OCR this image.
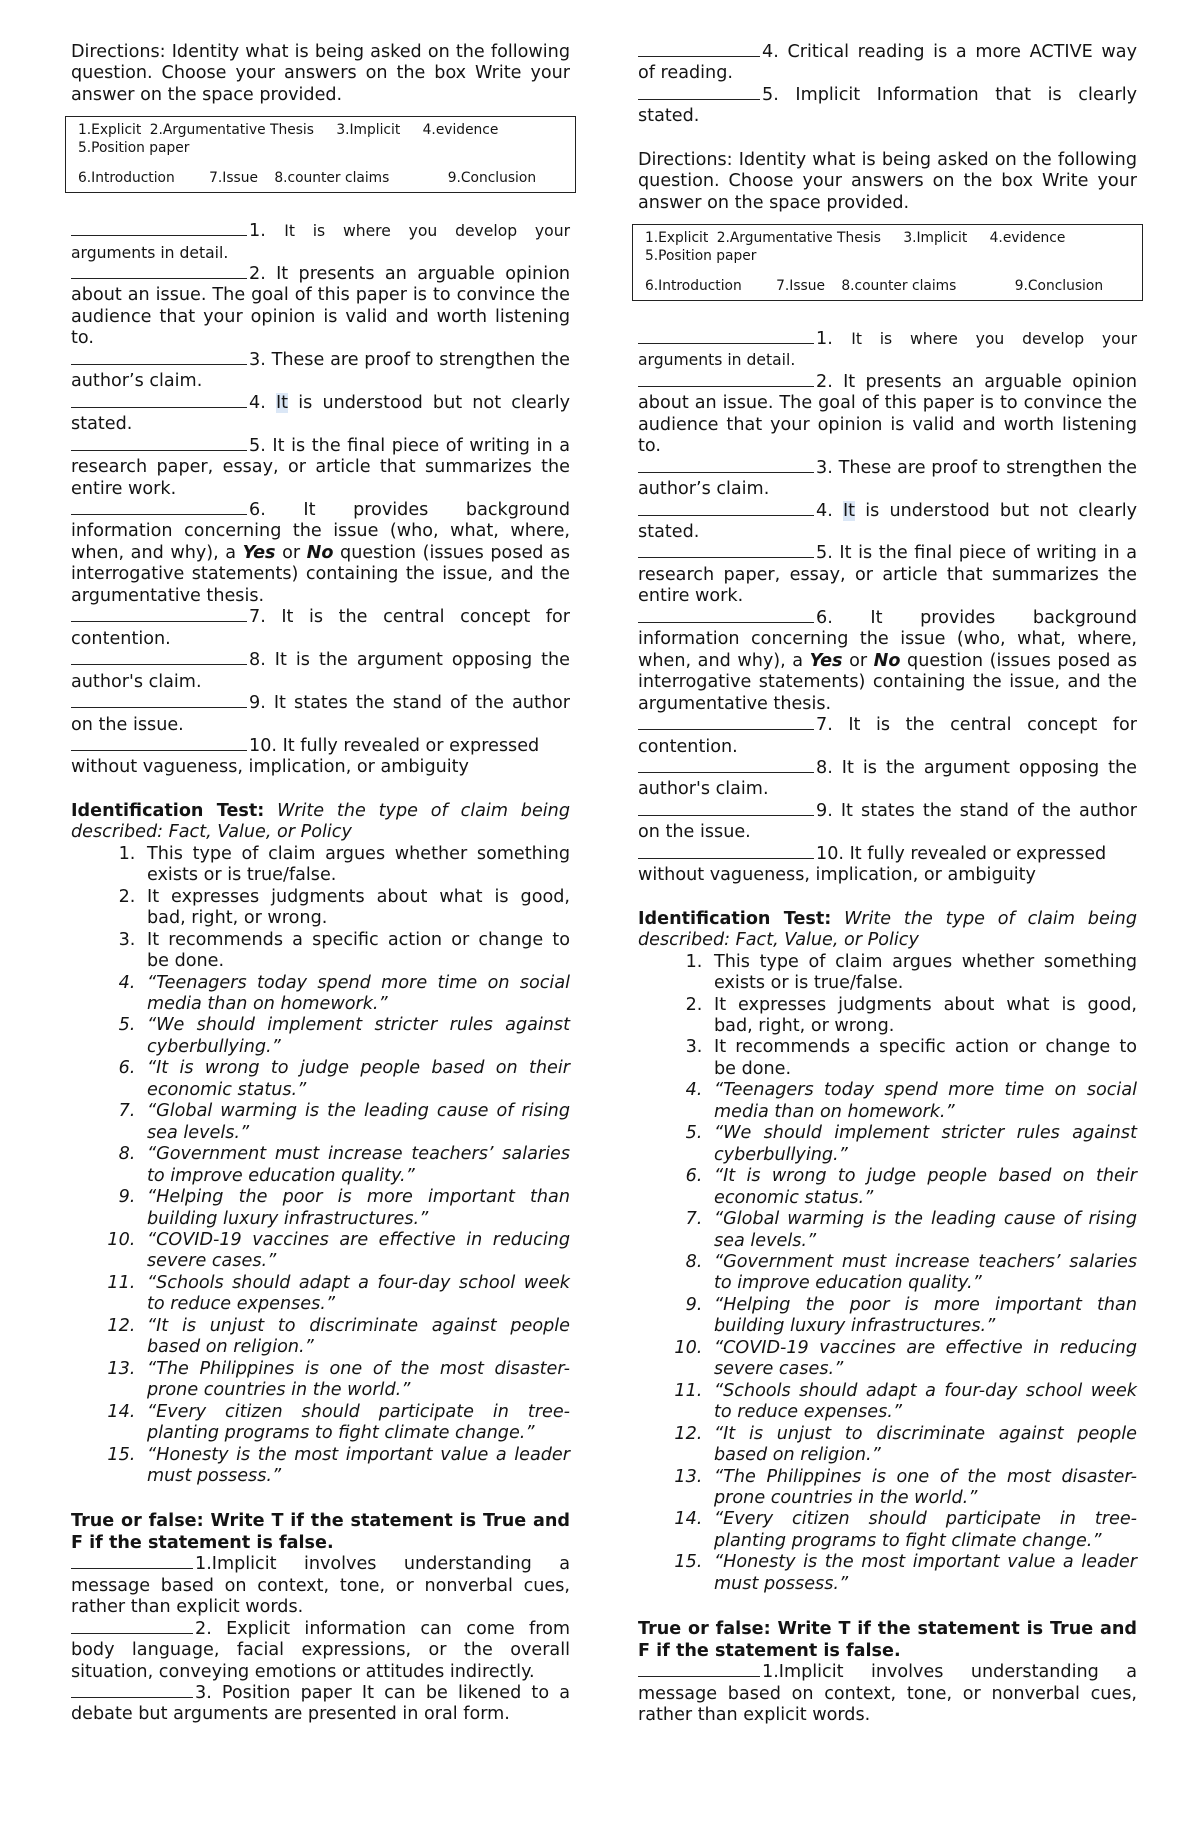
Directions: Identity what is being asked on the following question. Choose your answers on the box Write your answer on the space provided.

1.Explicit 2.Argumentative Thesis 3.Implicit 4.evidence
5.Position paper
6.Introduction 7.Issue 8.counter claims	9.Conclusion

1. It is where you develop your arguments in detail.

2. It presents an arguable opinion about an issue. The goal of this paper is to convince the audience that your opinion is valid and worth listening to.

3. These are proof to strengthen the author’s claim.

4. It is understood but not clearly stated.

5. It is the final piece of writing in a research paper, essay, or article that summarizes the entire work.

6. It provides background information concerning the issue (who, what, where, when, and why), a Yes or No question (issues posed as interrogative statements) containing the issue, and the argumentative thesis.

7. It is the central concept for contention.

8. It is the argument opposing the author's claim.

9. It states the stand of the author on the issue.

10. It fully revealed or expressed without vagueness, implication, or ambiguity

Identification Test: Write the type of claim being described: Fact, Value, or Policy

1. This type of claim argues whether something exists or is true/false.
2. It expresses judgments about what is good, bad, right, or wrong.
3. It recommends a specific action or change to be done.
4. “Teenagers today spend more time on social media than on homework.”
5. “We should implement stricter rules against cyberbullying.”
6. “It is wrong to judge people based on their economic status.”
7. “Global warming is the leading cause of rising sea levels.”
8. “Government must increase teachers’ salaries to improve education quality.”
9. “Helping the poor is more important than building luxury infrastructures.”
10. “COVID-19 vaccines are effective in reducing severe cases.”
11. “Schools should adapt a four-day school week to reduce expenses.”
12. “It is unjust to discriminate against people based on religion.”
13. “The Philippines is one of the most disaster-prone countries in the world.”
14. “Every citizen should participate in tree-planting programs to fight climate change.”
15. “Honesty is the most important value a leader must possess.”

True or false: Write T if the statement is True and F if the statement is false.

1.Implicit involves understanding a message based on context, tone, or nonverbal cues, rather than explicit words.

2. Explicit information can come from body language, facial expressions, or the overall situation, conveying emotions or attitudes indirectly.

3. Position paper It can be likened to a debate but arguments are presented in oral form.

4. Critical reading is a more ACTIVE way of reading.

5. Implicit Information that is clearly stated.

Directions: Identity what is being asked on the following question. Choose your answers on the box Write your answer on the space provided.

1.Explicit 2.Argumentative Thesis 3.Implicit 4.evidence
5.Position paper
6.Introduction 7.Issue 8.counter claims	9.Conclusion

1. It is where you develop your arguments in detail.

2. It presents an arguable opinion about an issue. The goal of this paper is to convince the audience that your opinion is valid and worth listening to.

3. These are proof to strengthen the author’s claim.

4. It is understood but not clearly stated.

5. It is the final piece of writing in a research paper, essay, or article that summarizes the entire work.

6. It provides background information concerning the issue (who, what, where, when, and why), a Yes or No question (issues posed as interrogative statements) containing the issue, and the argumentative thesis.

7. It is the central concept for contention.

8. It is the argument opposing the author's claim.

9. It states the stand of the author on the issue.

10. It fully revealed or expressed without vagueness, implication, or ambiguity

Identification Test: Write the type of claim being described: Fact, Value, or Policy

1. This type of claim argues whether something exists or is true/false.
2. It expresses judgments about what is good, bad, right, or wrong.
3. It recommends a specific action or change to be done.
4. “Teenagers today spend more time on social media than on homework.”
5. “We should implement stricter rules against cyberbullying.”
6. “It is wrong to judge people based on their economic status.”
7. “Global warming is the leading cause of rising sea levels.”
8. “Government must increase teachers’ salaries to improve education quality.”
9. “Helping the poor is more important than building luxury infrastructures.”
10. “COVID-19 vaccines are effective in reducing severe cases.”
11. “Schools should adapt a four-day school week to reduce expenses.”
12. “It is unjust to discriminate against people based on religion.”
13. “The Philippines is one of the most disaster-prone countries in the world.”
14. “Every citizen should participate in tree-planting programs to fight climate change.”
15. “Honesty is the most important value a leader must possess.”

True or false: Write T if the statement is True and F if the statement is false.

1.Implicit involves understanding a message based on context, tone, or nonverbal cues, rather than explicit words.
